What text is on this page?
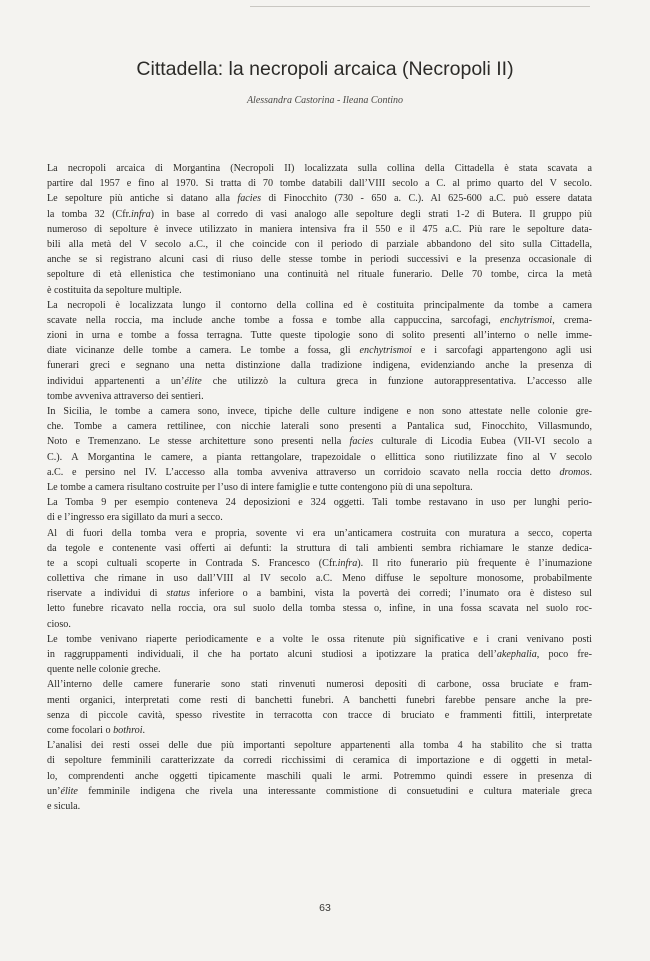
Cittadella: la necropoli arcaica (Necropoli II)
Alessandra Castorina - Ileana Contino
La necropoli arcaica di Morgantina (Necropoli II) localizzata sulla collina della Cittadella è stata scavata a
partire dal 1957 e fino al 1970. Si tratta di 70 tombe databili dall’VIII secolo a C. al primo quarto del V secolo.
Le sepolture più antiche si datano alla facies di Finocchito (730 - 650 a. C.). Al 625-600 a.C. può essere datata
la tomba 32 (Cfr.infra) in base al corredo di vasi analogo alle sepolture degli strati 1-2 di Butera. Il gruppo più
numeroso di sepolture è invece utilizzato in maniera intensiva fra il 550 e il 475 a.C. Più rare le sepolture data-
bili alla metà del V secolo a.C., il che coincide con il periodo di parziale abbandono del sito sulla Cittadella,
anche se si registrano alcuni casi di riuso delle stesse tombe in periodi successivi e la presenza occasionale di
sepolture di età ellenistica che testimoniano una continuità nel rituale funerario. Delle 70 tombe, circa la metà
è costituita da sepolture multiple.
La necropoli è localizzata lungo il contorno della collina ed è costituita principalmente da tombe a camera
scavate nella roccia, ma include anche tombe a fossa e tombe alla cappuccina, sarcofagi, enchytrismoi, crema-
zioni in urna e tombe a fossa terragna. Tutte queste tipologie sono di solito presenti all’interno o nelle imme-
diate vicinanze delle tombe a camera. Le tombe a fossa, gli enchytrismoi e i sarcofagi appartengono agli usi
funerari greci e segnano una netta distinzione dalla tradizione indigena, evidenziando anche la presenza di
individui appartenenti a un’élite che utilizzò la cultura greca in funzione autorappresentativa. L’accesso alle
tombe avveniva attraverso dei sentieri.
In Sicilia, le tombe a camera sono, invece, tipiche delle culture indigene e non sono attestate nelle colonie gre-
che. Tombe a camera rettilinee, con nicchie laterali sono presenti a Pantalica sud, Finocchito, Villasmundo,
Noto e Tremenzano. Le stesse architetture sono presenti nella facies culturale di Licodia Eubea (VII-VI secolo a
C.). A Morgantina le camere, a pianta rettangolare, trapezoidale o ellittica sono riutilizzate fino al V secolo
a.C. e persino nel IV. L’accesso alla tomba avveniva attraverso un corridoio scavato nella roccia detto dromos.
Le tombe a camera risultano costruite per l’uso di intere famiglie e tutte contengono più di una sepoltura.
La Tomba 9 per esempio conteneva 24 deposizioni e 324 oggetti. Tali tombe restavano in uso per lunghi perio-
di e l’ingresso era sigillato da muri a secco.
Al di fuori della tomba vera e propria, sovente vi era un’anticamera costruita con muratura a secco, coperta
da tegole e contenente vasi offerti ai defunti: la struttura di tali ambienti sembra richiamare le stanze dedica-
te a scopi cultuali scoperte in Contrada S. Francesco (Cfr.infra). Il rito funerario più frequente è l’inumazione
collettiva che rimane in uso dall’VIII al IV secolo a.C. Meno diffuse le sepolture monosome, probabilmente
riservate a individui di status inferiore o a bambini, vista la povertà dei corredi; l’inumato ora è disteso sul
letto funebre ricavato nella roccia, ora sul suolo della tomba stessa o, infine, in una fossa scavata nel suolo roc-
cioso.
Le tombe venivano riaperte periodicamente e a volte le ossa ritenute più significative e i crani venivano posti
in raggruppamenti individuali, il che ha portato alcuni studiosi a ipotizzare la pratica dell’akephalia, poco fre-
quente nelle colonie greche.
All’interno delle camere funerarie sono stati rinvenuti numerosi depositi di carbone, ossa bruciate e fram-
menti organici, interpretati come resti di banchetti funebri. A banchetti funebri farebbe pensare anche la pre-
senza di piccole cavità, spesso rivestite in terracotta con tracce di bruciato e frammenti fittili, interpretate
come focolari o bothroi.
L’analisi dei resti ossei delle due più importanti sepolture appartenenti alla tomba 4 ha stabilito che si tratta
di sepolture femminili caratterizzate da corredi ricchissimi di ceramica di importazione e di oggetti in metal-
lo, comprendenti anche oggetti tipicamente maschili quali le armi. Potremmo quindi essere in presenza di
un’élite femminile indigena che rivela una interessante commistione di consuetudini e cultura materiale greca
e sicula.
63
